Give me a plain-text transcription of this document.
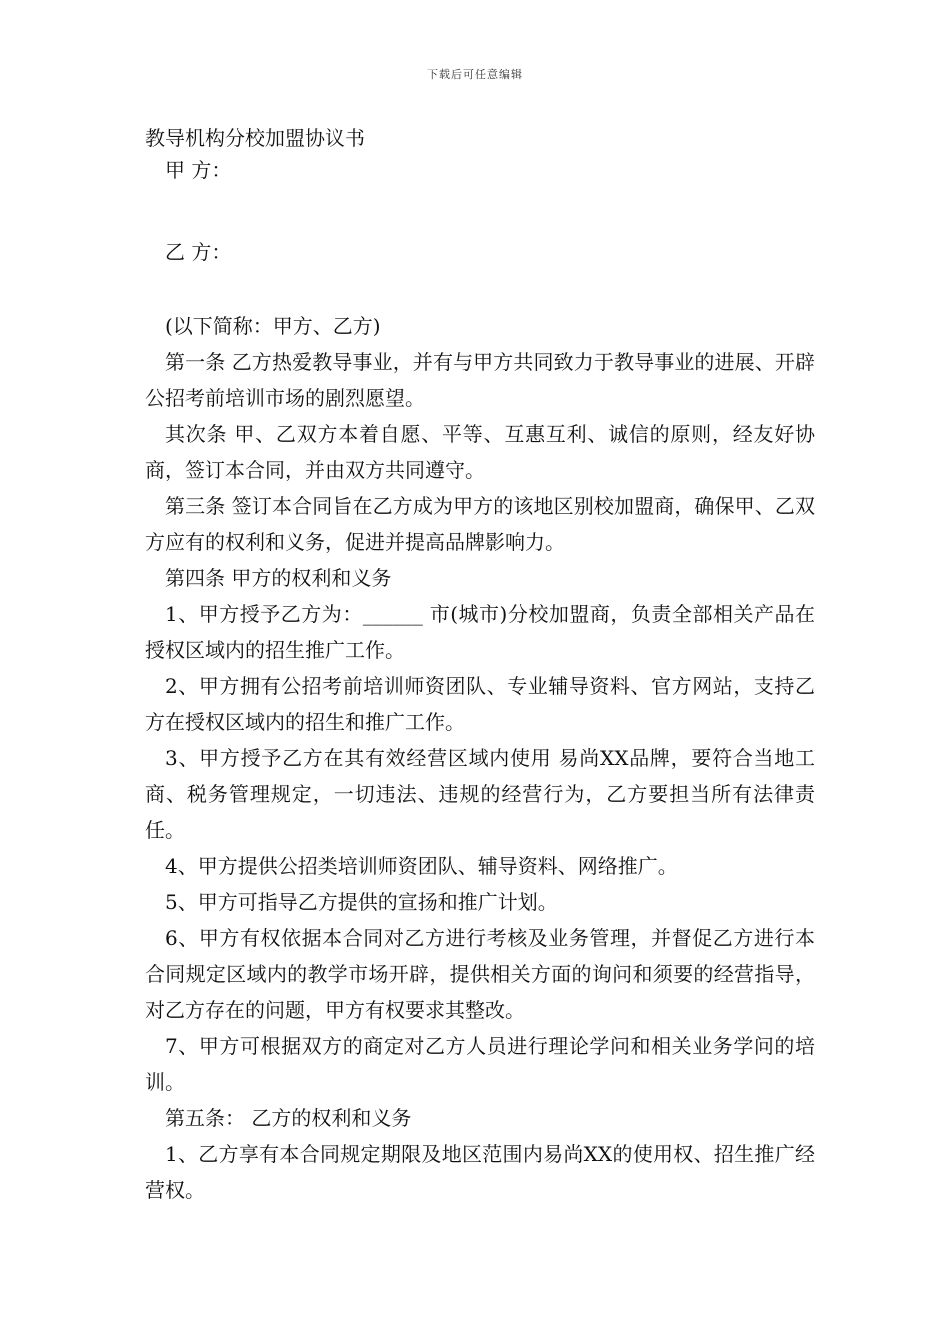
下载后可任意编辑
教导机构分校加盟协议书

甲 方：

乙 方：

(以下简称：甲方、乙方)

第一条 乙方热爱教导事业，并有与甲方共同致力于教导事业的进展、开辟公招考前培训市场的剧烈愿望。

其次条 甲、乙双方本着自愿、平等、互惠互利、诚信的原则，经友好协商，签订本合同，并由双方共同遵守。

第三条 签订本合同旨在乙方成为甲方的该地区别校加盟商，确保甲、乙双方应有的权利和义务，促进并提高品牌影响力。

第四条 甲方的权利和义务

1、甲方授予乙方为：______ 市(城市)分校加盟商，负责全部相关产品在授权区域内的招生推广工作。

2、甲方拥有公招考前培训师资团队、专业辅导资料、官方网站，支持乙方在授权区域内的招生和推广工作。

3、甲方授予乙方在其有效经营区域内使用 易尚XX品牌，要符合当地工商、税务管理规定，一切违法、违规的经营行为，乙方要担当所有法律责任。

4、甲方提供公招类培训师资团队、辅导资料、网络推广。

5、甲方可指导乙方提供的宣扬和推广计划。

6、甲方有权依据本合同对乙方进行考核及业务管理，并督促乙方进行本合同规定区域内的教学市场开辟，提供相关方面的询问和须要的经营指导，对乙方存在的问题，甲方有权要求其整改。

7、甲方可根据双方的商定对乙方人员进行理论学问和相关业务学问的培训。

第五条： 乙方的权利和义务

1、乙方享有本合同规定期限及地区范围内易尚XX的使用权、招生推广经营权。
